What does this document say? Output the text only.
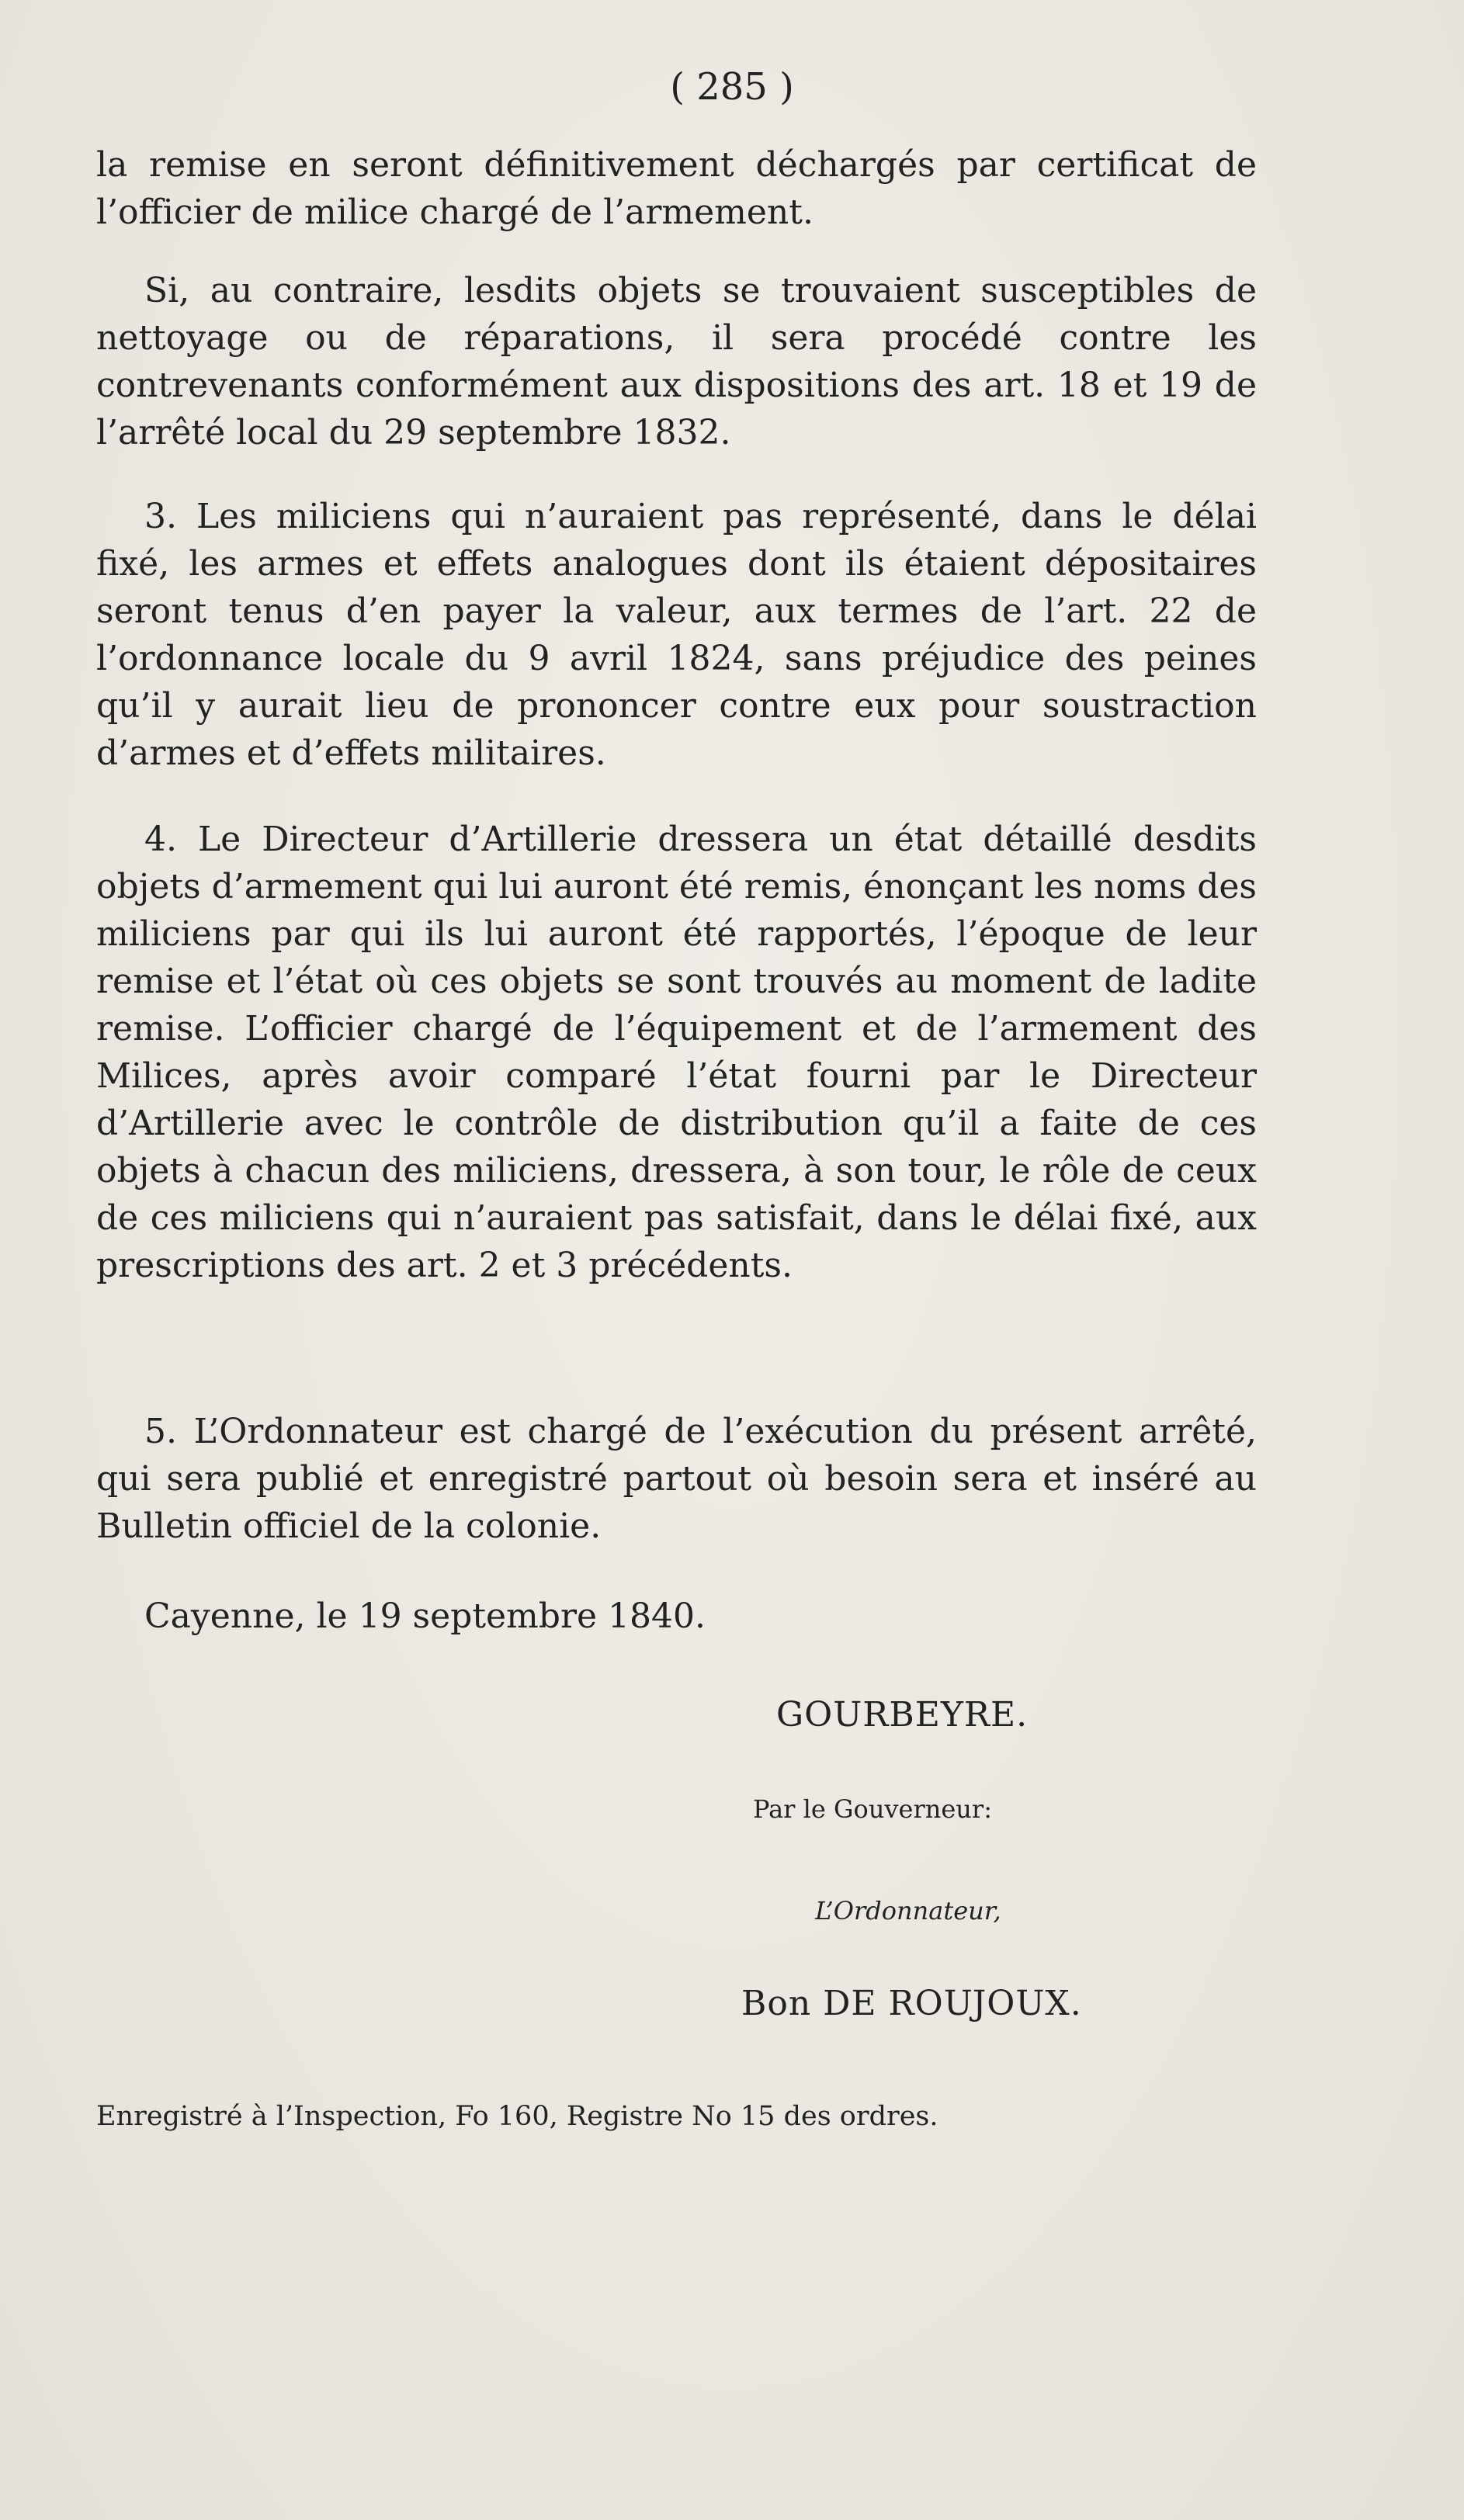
( 285 )

la remise en seront définitivement déchargés par certificat de l’officier de milice chargé de l’armement.

Si, au contraire, lesdits objets se trouvaient susceptibles de nettoyage ou de réparations, il sera procédé contre les contrevenants conformément aux dispositions des art. 18 et 19 de l’arrêté local du 29 septembre 1832.

3. Les miliciens qui n’auraient pas représenté, dans le délai fixé, les armes et effets analogues dont ils étaient dépositaires seront tenus d’en payer la valeur, aux termes de l’art. 22 de l’ordonnance locale du 9 avril 1824, sans préjudice des peines qu’il y aurait lieu de prononcer contre eux pour soustraction d’armes et d’effets militaires.

4. Le Directeur d’Artillerie dressera un état détaillé desdits objets d’armement qui lui auront été remis, énonçant les noms des miliciens par qui ils lui auront été rapportés, l’époque de leur remise et l’état où ces objets se sont trouvés au moment de ladite remise. L’officier chargé de l’équipement et de l’armement des Milices, après avoir comparé l’état fourni par le Directeur d’Artillerie avec le contrôle de distribution qu’il a faite de ces objets à chacun des miliciens, dressera, à son tour, le rôle de ceux de ces miliciens qui n’auraient pas satisfait, dans le délai fixé, aux prescriptions des art. 2 et 3 précédents.

5. L’Ordonnateur est chargé de l’exécution du présent arrêté, qui sera publié et enregistré partout où besoin sera et inséré au Bulletin officiel de la colonie.

Cayenne, le 19 septembre 1840.
GOURBEYRE.
Par le Gouverneur:
L’Ordonnateur,
Bon DE ROUJOUX.
Enregistré à l’Inspection, Fo 160, Registre No 15 des ordres.
